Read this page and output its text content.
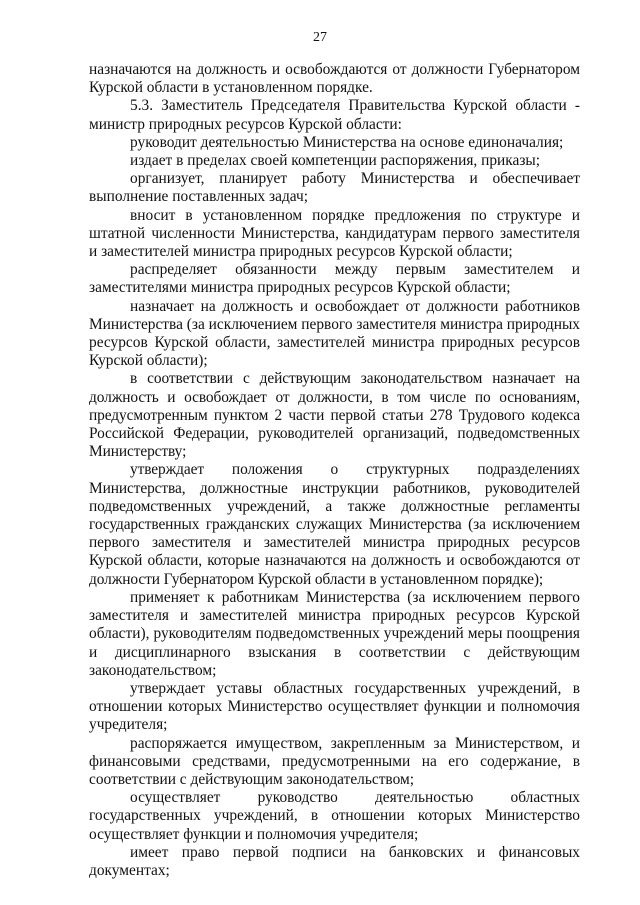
27

назначаются на должность и освобождаются от должности Губернатором Курской области в установленном порядке.

5.3. Заместитель Председателя Правительства Курской области - министр природных ресурсов Курской области:

руководит деятельностью Министерства на основе единоначалия;

издает в пределах своей компетенции распоряжения, приказы;

организует, планирует работу Министерства и обеспечивает выполнение поставленных задач;

вносит в установленном порядке предложения по структуре и штатной численности Министерства, кандидатурам первого заместителя и заместителей министра природных ресурсов Курской области;

распределяет обязанности между первым заместителем и заместителями министра природных ресурсов Курской области;

назначает на должность и освобождает от должности работников Министерства (за исключением первого заместителя министра природных ресурсов Курской области, заместителей министра природных ресурсов Курской области);

в соответствии с действующим законодательством назначает на должность и освобождает от должности, в том числе по основаниям, предусмотренным пунктом 2 части первой статьи 278 Трудового кодекса Российской Федерации, руководителей организаций, подведомственных Министерству;

утверждает положения о структурных подразделениях Министерства, должностные инструкции работников, руководителей подведомственных учреждений, а также должностные регламенты государственных гражданских служащих Министерства (за исключением первого заместителя и заместителей министра природных ресурсов Курской области, которые назначаются на должность и освобождаются от должности Губернатором Курской области в установленном порядке);

применяет к работникам Министерства (за исключением первого заместителя и заместителей министра природных ресурсов Курской области), руководителям подведомственных учреждений меры поощрения и дисциплинарного взыскания в соответствии с действующим законодательством;

утверждает уставы областных государственных учреждений, в отношении которых Министерство осуществляет функции и полномочия учредителя;

распоряжается имуществом, закрепленным за Министерством, и финансовыми средствами, предусмотренными на его содержание, в соответствии с действующим законодательством;

осуществляет руководство деятельностью областных государственных учреждений, в отношении которых Министерство осуществляет функции и полномочия учредителя;

имеет право первой подписи на банковских и финансовых документах;
